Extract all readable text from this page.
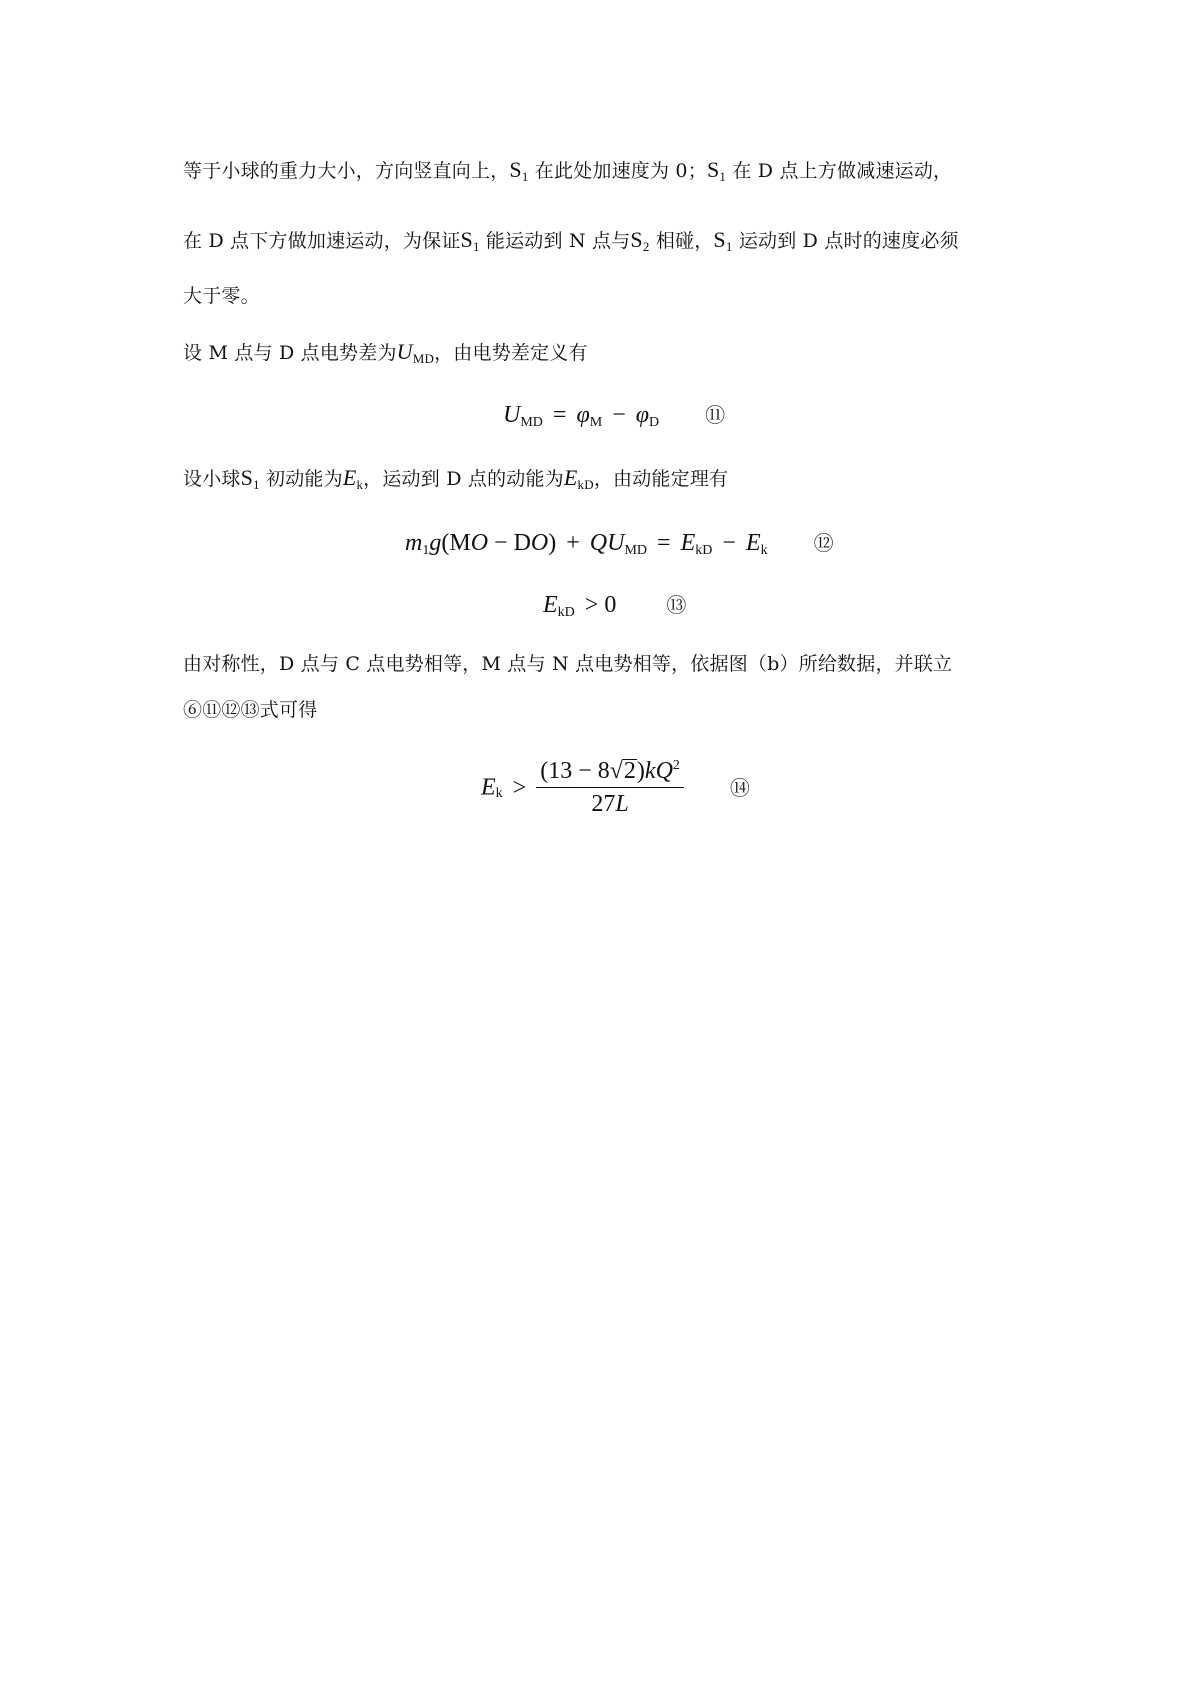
等于小球的重力大小，方向竖直向上，$S_1$ 在此处加速度为 0；$S_1$ 在 D 点上方做减速运动，
在 D 点下方做加速运动，为保证$S_1$ 能运动到 N 点与$S_2$ 相碰，$S_1$ 运动到 D 点时的速度必须
大于零。
设 M 点与 D 点电势差为$U_{MD}$，由电势差定义有
$U_{MD} = \varphi_M - \varphi_D$ ⑪
设小球$S_1$ 初动能为$E_k$，运动到 D 点的动能为$E_{kD}$，由动能定理有
$m_1g(MO - DO) + QU_{MD} = E_{kD} - E_k$ ⑫
$E_{kD} > 0$	⑬
由对称性，D 点与 C 点电势相等，M 点与 N 点电势相等，依据图（b）所给数据，并联立
⑥⑪⑫⑬式可得
$E_k > \frac{(13 - 8√2)kQ^2}{27L}$ ⑭
